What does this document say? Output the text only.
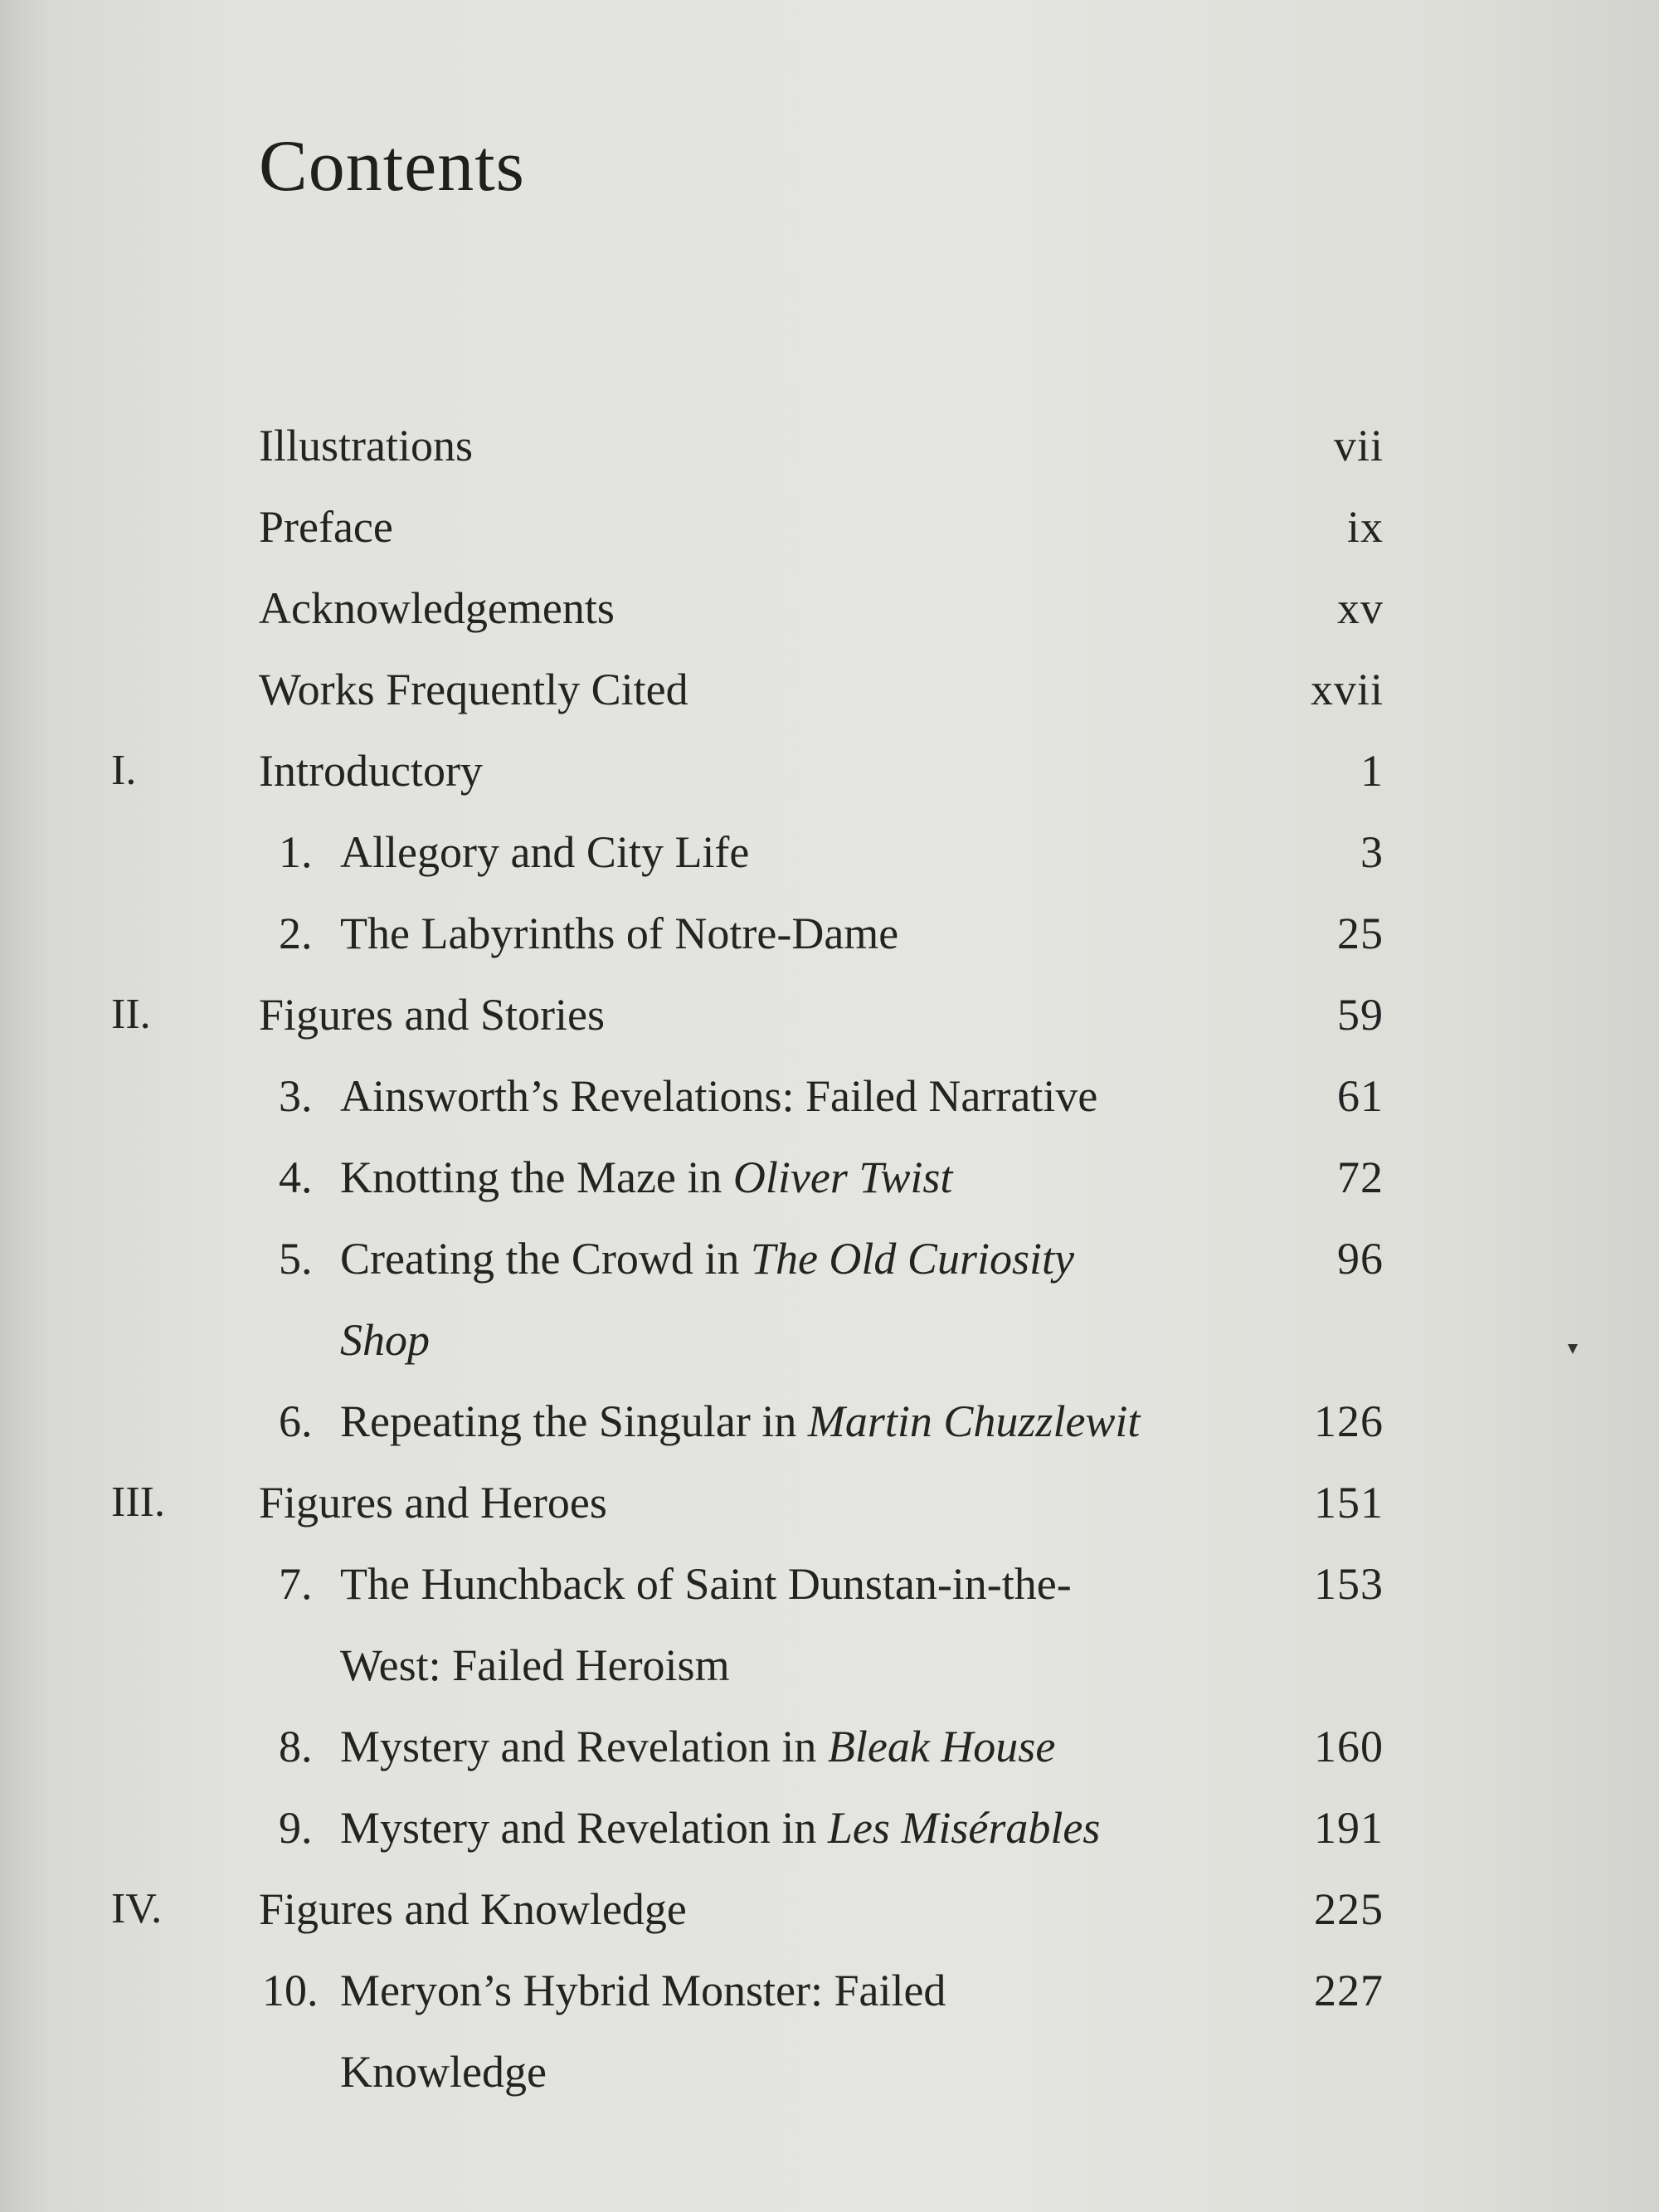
Contents
Illustrations	vii
Preface	ix
Acknowledgements	xv
Works Frequently Cited	xvii
I.	Introductory	1
1. Allegory and City Life	3
2. The Labyrinths of Notre-Dame	25
II. Figures and Stories	59
3. Ainsworth’s Revelations: Failed Narrative	61
4. Knotting the Maze in Oliver Twist	72
5. Creating the Crowd in The Old Curiosity	96
Shop
6. Repeating the Singular in Martin Chuzzlewit	126
III. Figures and Heroes	151
7. The Hunchback of Saint Dunstan-in-the-	153
West: Failed Heroism
8. Mystery and Revelation in Bleak House	160
9. Mystery and Revelation in Les Misérables	191
IV. Figures and Knowledge	225
10. Meryon’s Hybrid Monster: Failed	227
Knowledge
